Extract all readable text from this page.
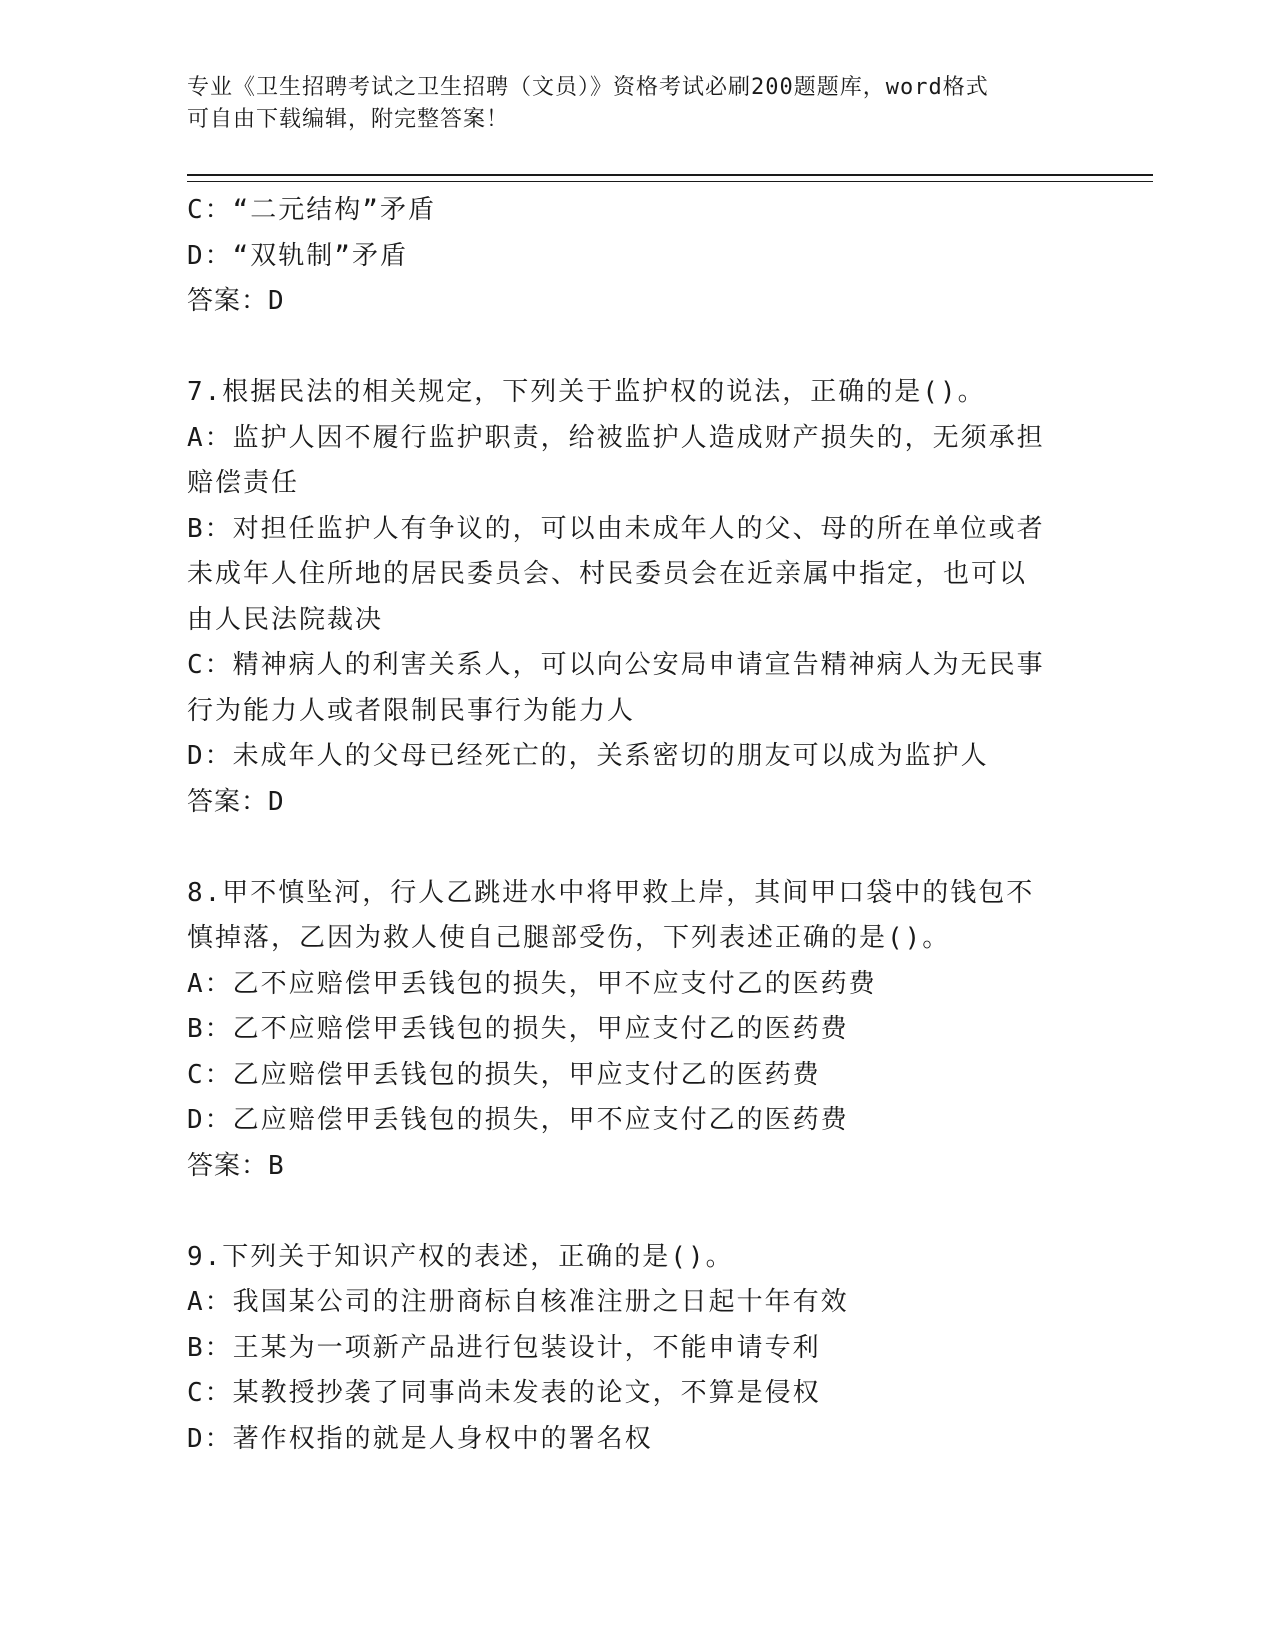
专业《卫生招聘考试之卫生招聘（文员）》资格考试必刷200题题库，word格式
可自由下载编辑，附完整答案！
C：“二元结构”矛盾
D：“双轨制”矛盾
答案：D
7.根据民法的相关规定，下列关于监护权的说法，正确的是()。
A：监护人因不履行监护职责，给被监护人造成财产损失的，无须承担
赔偿责任
B：对担任监护人有争议的，可以由未成年人的父、母的所在单位或者
未成年人住所地的居民委员会、村民委员会在近亲属中指定，也可以
由人民法院裁决
C：精神病人的利害关系人，可以向公安局申请宣告精神病人为无民事
行为能力人或者限制民事行为能力人
D：未成年人的父母已经死亡的，关系密切的朋友可以成为监护人
答案：D
8.甲不慎坠河，行人乙跳进水中将甲救上岸，其间甲口袋中的钱包不
慎掉落，乙因为救人使自己腿部受伤，下列表述正确的是()。
A：乙不应赔偿甲丢钱包的损失，甲不应支付乙的医药费
B：乙不应赔偿甲丢钱包的损失，甲应支付乙的医药费
C：乙应赔偿甲丢钱包的损失，甲应支付乙的医药费
D：乙应赔偿甲丢钱包的损失，甲不应支付乙的医药费
答案：B
9.下列关于知识产权的表述，正确的是()。
A：我国某公司的注册商标自核准注册之日起十年有效
B：王某为一项新产品进行包装设计，不能申请专利
C：某教授抄袭了同事尚未发表的论文，不算是侵权
D：著作权指的就是人身权中的署名权
